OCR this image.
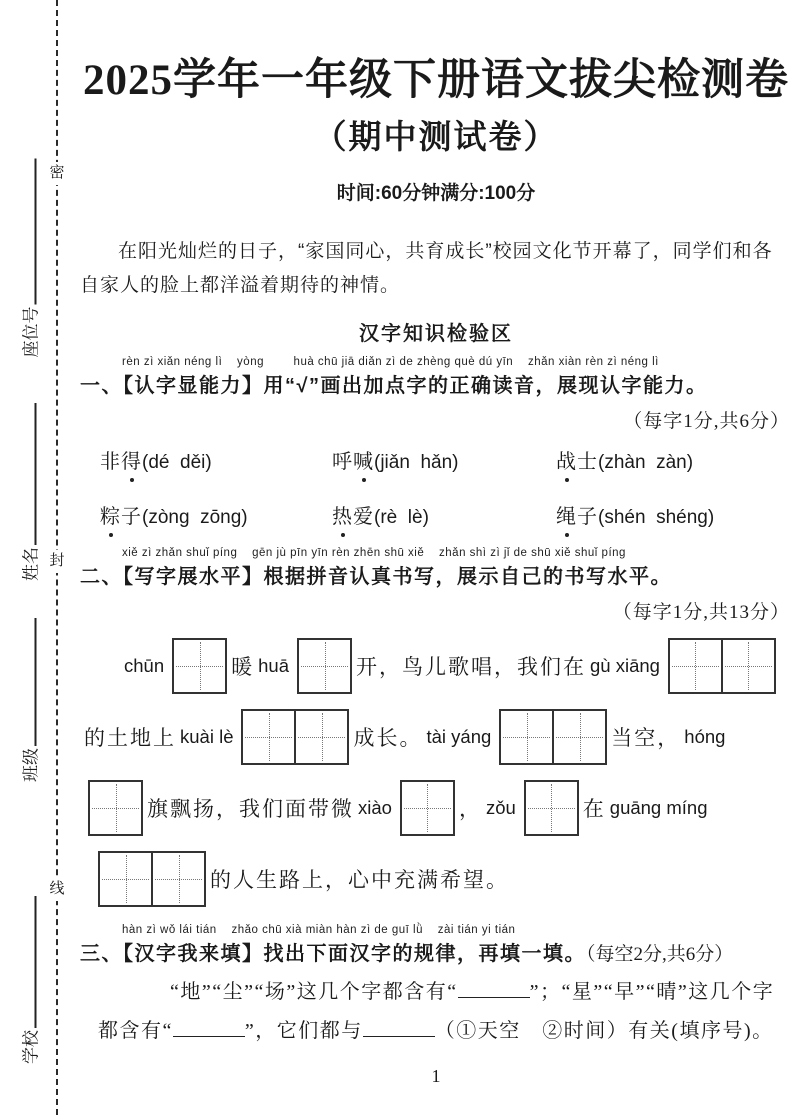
密
封
线
座位号
姓名
班级
学校
2025学年一年级下册语文拔尖检测卷
（期中测试卷）
时间:60分钟满分:100分

在阳光灿烂的日子，“家国同心，共育成长”校园文化节开幕了，同学们和各自家人的脸上都洋溢着期待的神情。

汉字知识检验区
rèn zì xiǎn néng lì    yòng        huà chū jiā diǎn zì de zhèng què dú yīn    zhǎn xiàn rèn zì néng lì
一、【认字显能力】用“√”画出加点字的正确读音，展现认字能力。
（每字1分,共6分）
非得(dé  děi)	呼喊(jiǎn  hǎn)	战士(zhàn  zàn)
粽子(zòng  zōng)	热爱(rè  lè)	绳子(shén  shéng)
xiě zì zhǎn shuǐ píng    gēn jù pīn yīn rèn zhēn shū xiě    zhǎn shì zì jǐ de shū xiě shuǐ píng
二、【写字展水平】根据拼音认真书写，展示自己的书写水平。
（每字1分,共13分）
chūn	暖 huā	开，鸟儿歌唱，我们在 gù xiāng
的土地上 kuài lè	成长。 tài yáng	当空， hóng
旗飘扬，我们面带微 xiào	， zǒu	在 guāng míng
的人生路上，心中充满希望。
hàn zì wǒ lái tián    zhǎo chū xià miàn hàn zì de guī lǜ    zài tián yi tián
三、【汉字我来填】找出下面汉字的规律，再填一填。（每空2分,共6分）
“地”“尘”“场”这几个字都含有“	”；“星”“早”“晴”这几个字
都含有“	”，它们都与	（①天空　②时间）有关(填序号)。
1
